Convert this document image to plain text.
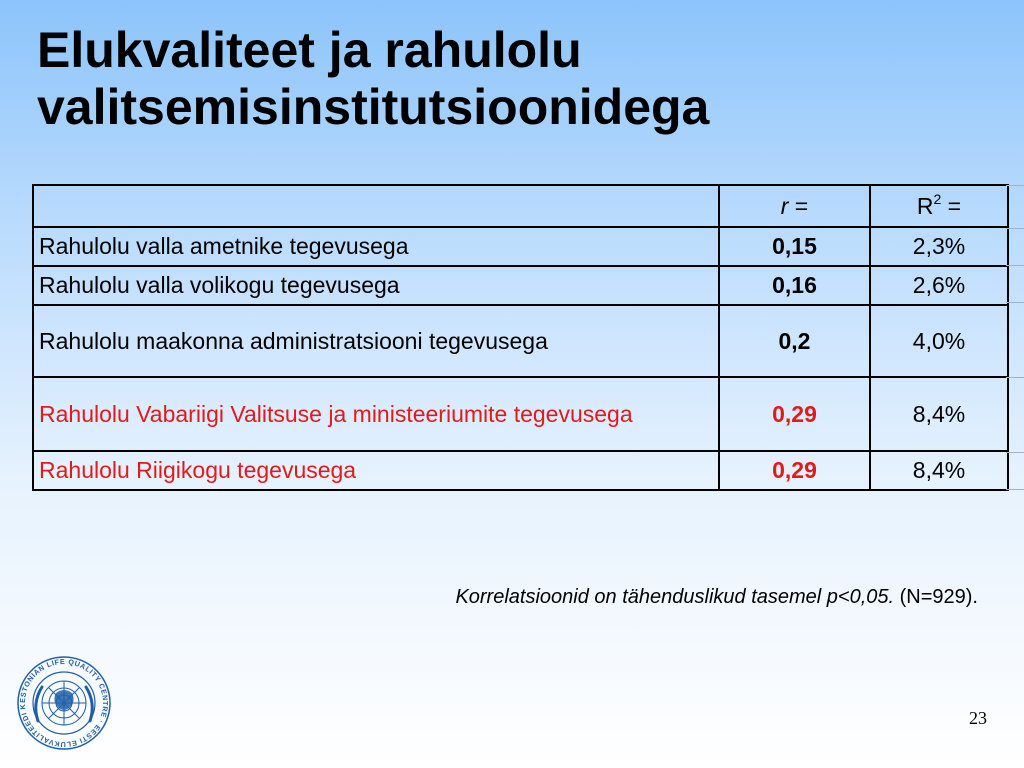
Elukvaliteet ja rahulolu
valitsemisinstitutsioonidega
	r =	$R^2$ =
Rahulolu valla ametnike tegevusega	0,15	2,3%
Rahulolu valla volikogu tegevusega	0,16	2,6%
Rahulolu maakonna administratsiooni tegevusega	0,2	4,0%
Rahulolu Vabariigi Valitsuse ja ministeeriumite tegevusega	0,29	8,4%
Rahulolu Riigikogu tegevusega	0,29	8,4%
Korrelatsioonid on tähenduslikud tasemel p<0,05. (N=929).
ESTONIAN LIFE QUALITY CENTRE · EESTI ELUKVALITEEDI K
23
